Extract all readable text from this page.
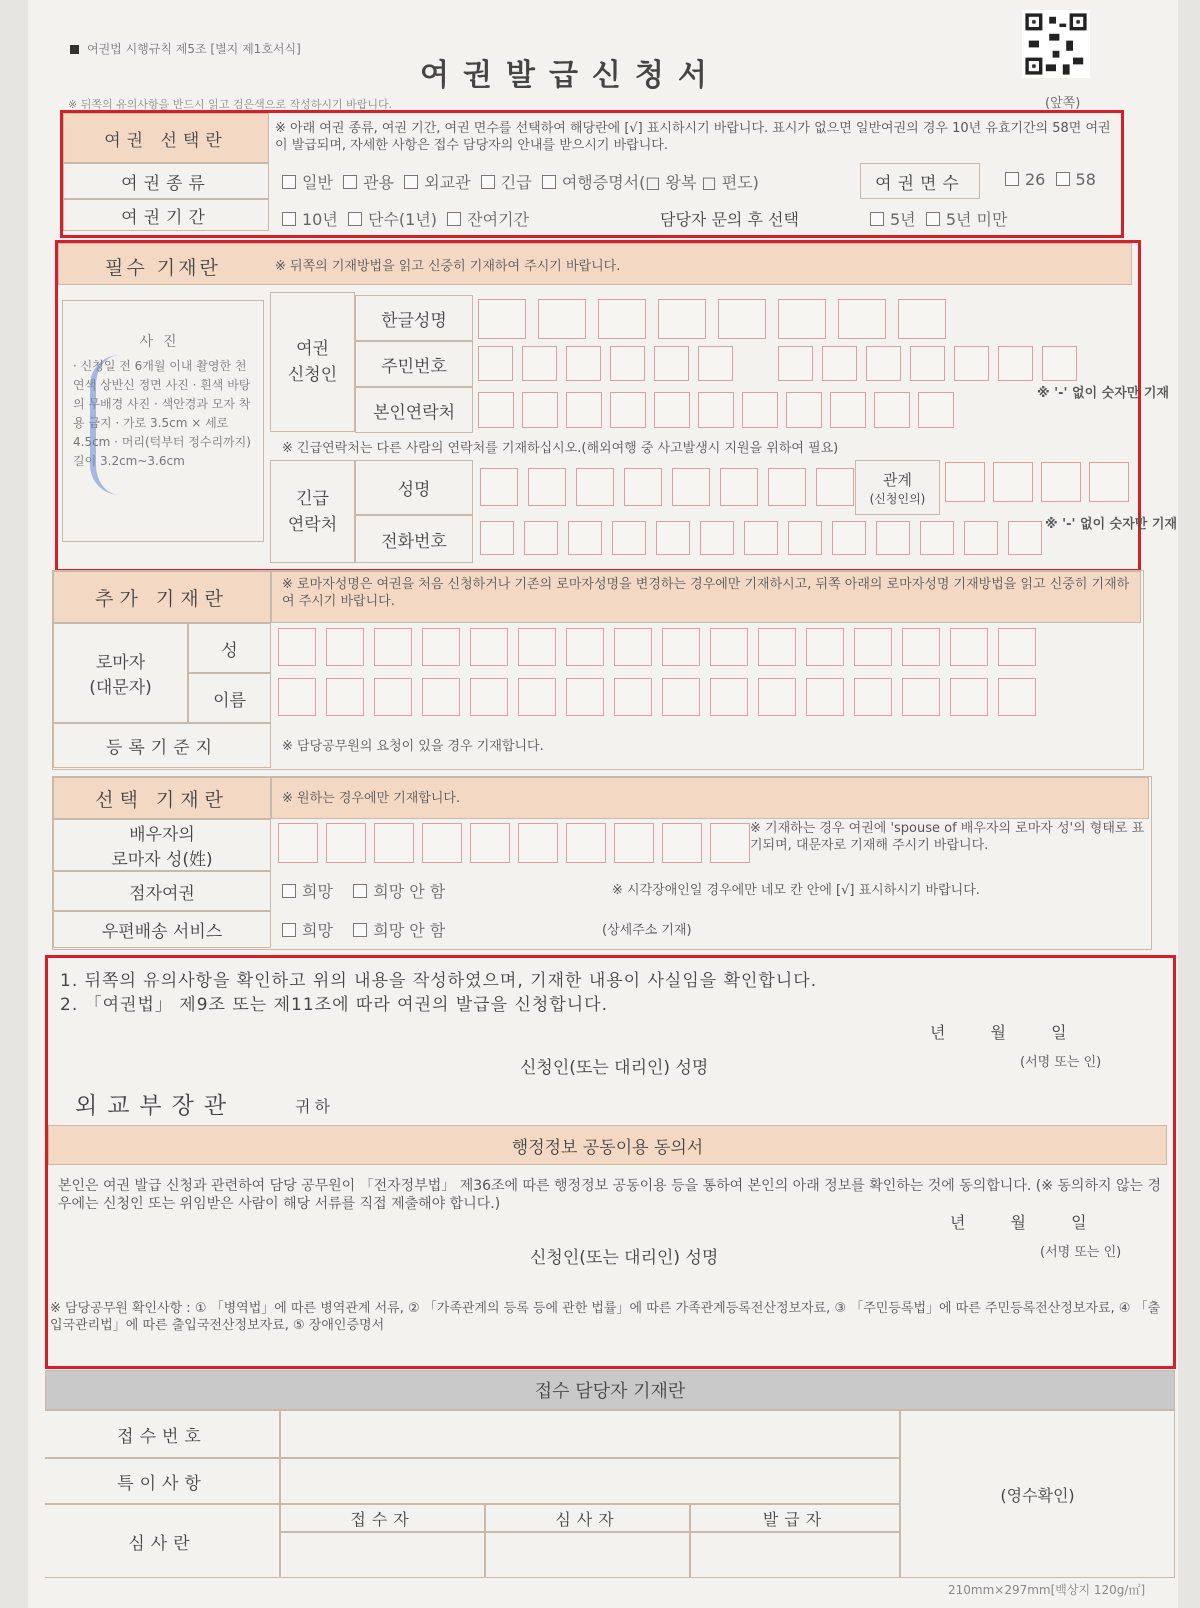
여권법 시행규칙 제5조 [별지 제1호서식]
여권발급신청서
※ 뒤쪽의 유의사항을 반드시 읽고 검은색으로 작성하시기 바랍니다.	(앞쪽)
여권 선택란
※ 아래 여권 종류, 여권 기간, 여권 면수를 선택하여 해당란에 [√] 표시하시기 바랍니다. 표시가 없으면 일반여권의 경우 10년 유효기간의 58면 여권이 발급되며, 자세한 사항은 접수 담당자의 안내를 받으시기 바랍니다.
여권종류	일반 관용 외교관 긴급 여행증명서(□ 왕복 □ 편도)	여권면수	26 58
여권기간	10년 단수(1년) 잔여기간	담당자 문의 후 선택	5년 5년 미만
필수 기재란	※ 뒤쪽의 기재방법을 읽고 신중히 기재하여 주시기 바랍니다.
사진
· 신청일 전 6개월 이내 촬영한 천연색 상반신 정면 사진 · 흰색 바탕의 무배경 사진 · 색안경과 모자 착용 금지 · 가로 3.5cm × 세로 4.5cm · 머리(턱부터 정수리까지) 길이 3.2cm~3.6cm
여권
신청인
한글성명
주민번호
본인연락처
※ '-' 없이 숫자만 기재
※ 긴급연락처는 다른 사람의 연락처를 기재하십시오.(해외여행 중 사고발생시 지원을 위하여 필요)
긴급
연락처
성명
전화번호
관계
(신청인의)
※ '-' 없이 숫자만 기재
추가 기재란
※ 로마자성명은 여권을 처음 신청하거나 기존의 로마자성명을 변경하는 경우에만 기재하시고, 뒤쪽 아래의 로마자성명 기재방법을 읽고 신중히 기재하여 주시기 바랍니다.
로마자
(대문자)
성
이름
등록기준지	※ 담당공무원의 요청이 있을 경우 기재합니다.
선택 기재란	※ 원하는 경우에만 기재합니다.
배우자의
로마자 성(姓)
※ 기재하는 경우 여권에 'spouse of 배우자의 로마자 성'의 형태로 표기되며, 대문자로 기재해 주시기 바랍니다.
점자여권	희망	희망 안 함	※ 시각장애인일 경우에만 네모 칸 안에 [√] 표시하시기 바랍니다.
우편배송 서비스	희망	희망 안 함	(상세주소 기재)
1. 뒤쪽의 유의사항을 확인하고 위의 내용을 작성하였으며, 기재한 내용이 사실임을 확인합니다.
2. 「여권법」 제9조 또는 제11조에 따라 여권의 발급을 신청합니다.
년 월 일
신청인(또는 대리인) 성명	(서명 또는 인)
외교부장관	귀하
행정정보 공동이용 동의서
본인은 여권 발급 신청과 관련하여 담당 공무원이 「전자정부법」 제36조에 따른 행정정보 공동이용 등을 통하여 본인의 아래 정보를 확인하는 것에 동의합니다. (※ 동의하지 않는 경우에는 신청인 또는 위임받은 사람이 해당 서류를 직접 제출해야 합니다.)
년 월 일
신청인(또는 대리인) 성명	(서명 또는 인)
※ 담당공무원 확인사항 : ① 「병역법」에 따른 병역관계 서류, ② 「가족관계의 등록 등에 관한 법률」에 따른 가족관계등록전산정보자료, ③ 「주민등록법」에 따른 주민등록전산정보자료, ④ 「출입국관리법」에 따른 출입국전산정보자료, ⑤ 장애인증명서
접수 담당자 기재란
접수번호
특이사항
심사란
접수자	심사자	발급자
(영수확인)
210mm×297mm[백상지 120g/㎡]
